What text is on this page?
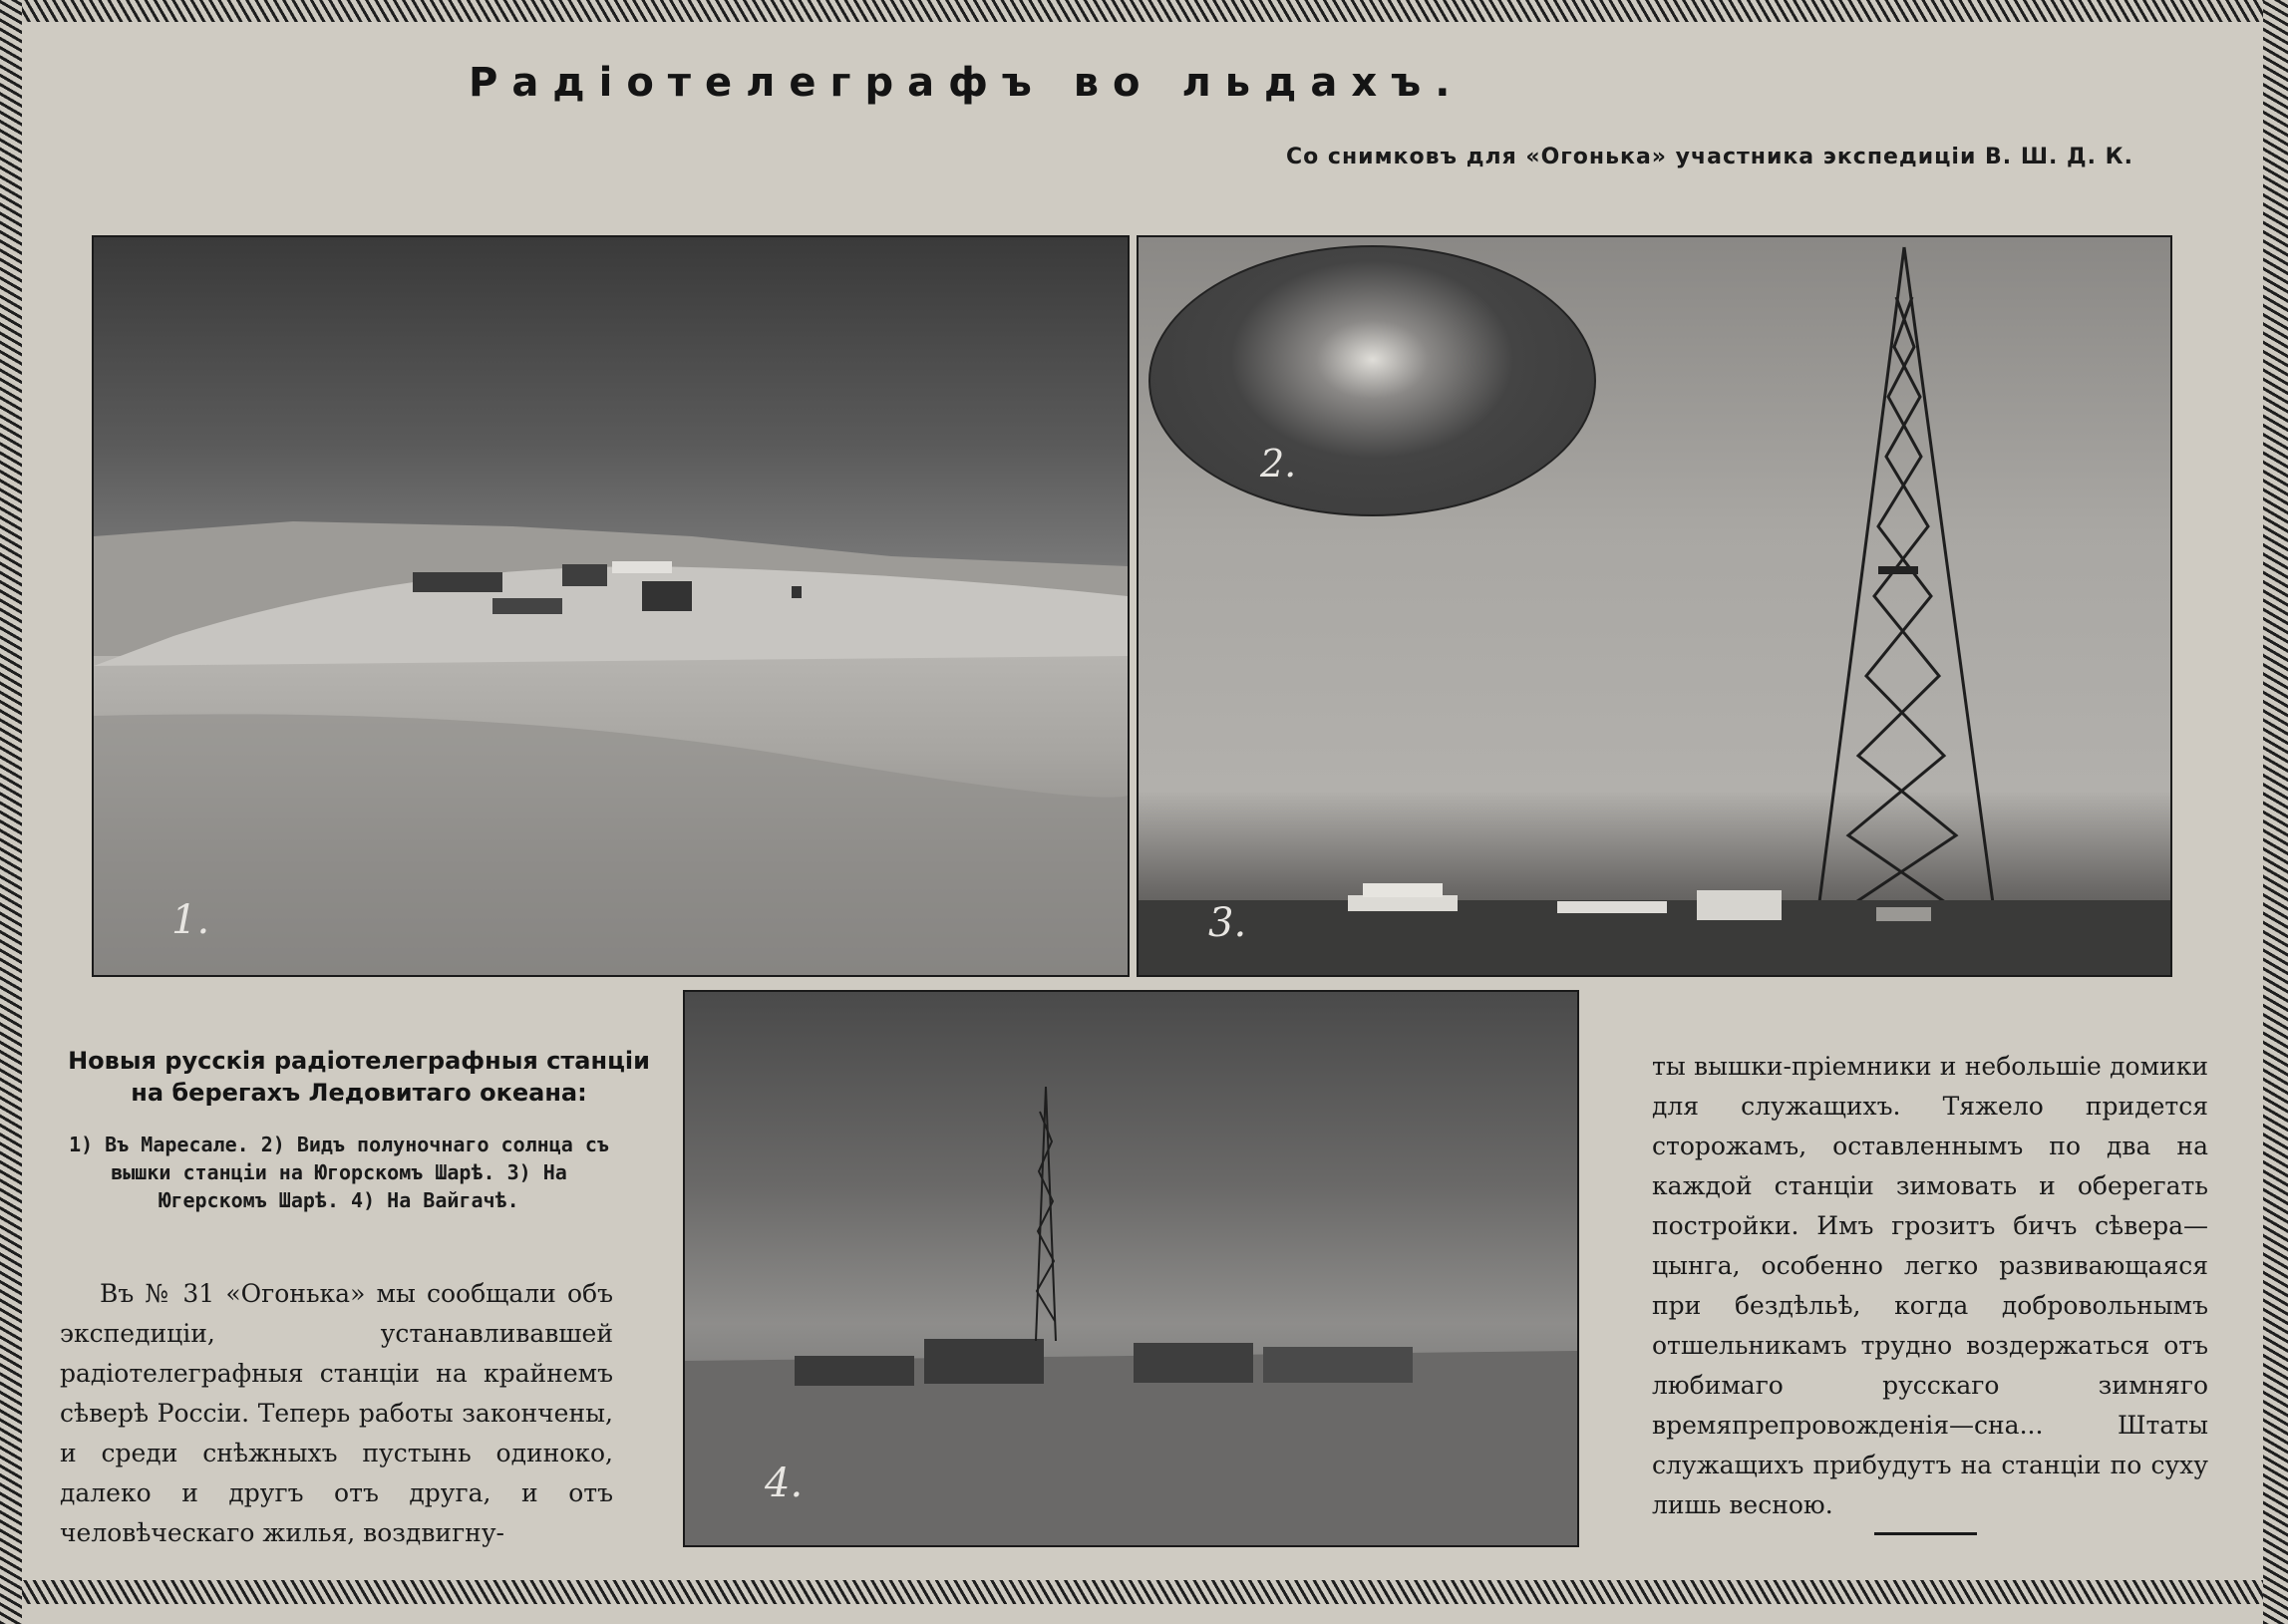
Радiотелеграфъ во льдахъ.
Со снимковъ для «Огонька» участника экспедицiи В. Ш. Д. К.
1.
2.
3.
4.
Новыя русскiя радiотелеграфныя станцiи на берегахъ Ледовитаго океана:
1) Въ Маресале. 2) Видъ полуночнаго солнца съ вышки станцiи на Югорскомъ Шарѣ. 3) На Югерскомъ Шарѣ. 4) На Вайгачѣ.
Въ № 31 «Огонька» мы сообщали объ экспедицiи, устанавливавшей радiотелеграфныя станцiи на крайнемъ сѣверѣ Россiи. Теперь работы закончены, и среди снѣжныхъ пустынь одиноко, далеко и другъ отъ друга, и отъ человѣческаго жилья, воздвигну-
ты вышки-прiемники и небольшiе домики для служащихъ. Тяжело придется сторожамъ, оставленнымъ по два на каждой станцiи зимовать и оберегать постройки. Имъ грозитъ бичъ сѣвера—цынга, особенно легко развивающаяся при бездѣльѣ, когда добровольнымъ отшельникамъ трудно воздержаться отъ любимаго русскаго зимняго времяпрепровожденiя—сна... Штаты служащихъ прибудутъ на станцiи по суху лишь весною.
